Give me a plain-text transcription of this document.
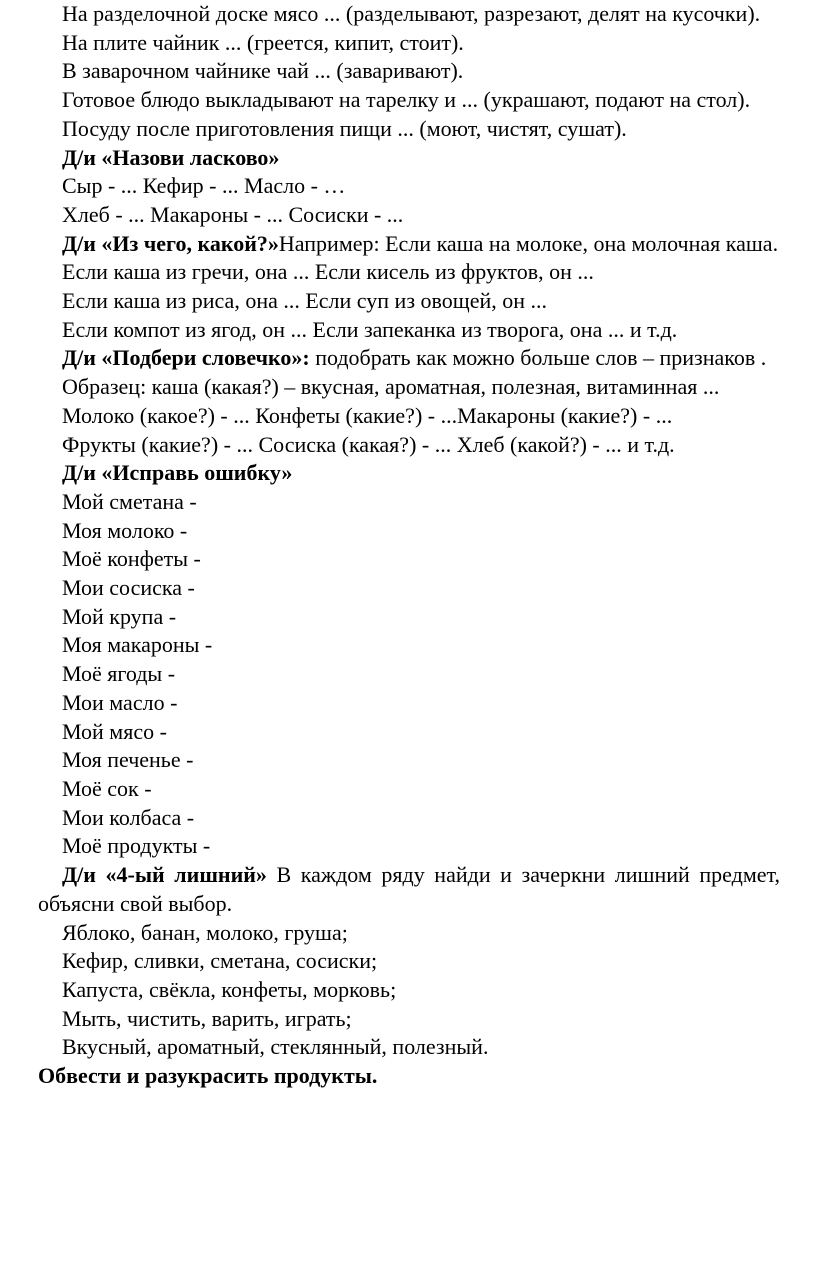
На разделочной доске мясо ... (разделывают, разрезают, делят на кусочки).

На плите чайник ... (греется, кипит, стоит).

В заварочном чайнике чай ... (заваривают).

Готовое блюдо выкладывают на тарелку и ... (украшают, подают на стол).

Посуду после приготовления пищи ... (моют, чистят, сушат).

Д/и «Назови ласково»

Сыр - ... Кефир - ... Масло - …

Хлеб - ... Макароны - ... Сосиски - ...

Д/и «Из чего, какой?»Например: Если каша на молоке, она молочная каша.

Если каша из гречи, она ... Если кисель из фруктов, он ...

Если каша из риса, она ... Если суп из овощей, он ...

Если компот из ягод, он ... Если запеканка из творога, она ... и т.д.

Д/и «Подбери словечко»: подобрать как можно больше слов – признаков .

Образец: каша (какая?) – вкусная, ароматная, полезная, витаминная ...

Молоко (какое?) - ... Конфеты (какие?) - ...Макароны (какие?) - ...

Фрукты (какие?) - ... Сосиска (какая?) - ... Хлеб (какой?) - ... и т.д.

Д/и «Исправь ошибку»

Мой сметана -

Моя молоко -

Моё конфеты -

Мои сосиска -

Мой крупа -

Моя макароны -

Моё ягоды -

Мои масло -

Мой мясо -

Моя печенье -

Моё сок -

Мои колбаса -

Моё продукты -

Д/и «4-ый лишний» В каждом ряду найди и зачеркни лишний предмет, объясни свой выбор.

Яблоко, банан, молоко, груша;

Кефир, сливки, сметана, сосиски;

Капуста, свёкла, конфеты, морковь;

Мыть, чистить, варить, играть;

Вкусный, ароматный, стеклянный, полезный.

Обвести и разукрасить продукты.
